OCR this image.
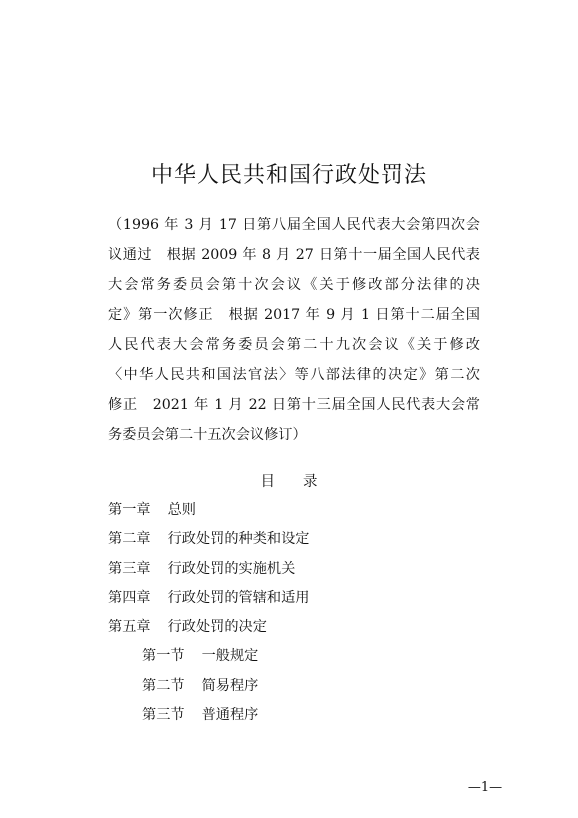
中华人民共和国行政处罚法
（1996 年 3 月 17 日第八届全国人民代表大会第四次会
议通过　根据 2009 年 8 月 27 日第十一届全国人民代表
大会常务委员会第十次会议《关于修改部分法律的决
定》第一次修正　根据 2017 年 9 月 1 日第十二届全国
人民代表大会常务委员会第二十九次会议《关于修改
〈中华人民共和国法官法〉等八部法律的决定》第二次
修正　2021 年 1 月 22 日第十三届全国人民代表大会常
务委员会第二十五次会议修订）
目录
第一章 总则
第二章 行政处罚的种类和设定
第三章 行政处罚的实施机关
第四章 行政处罚的管辖和适用
第五章 行政处罚的决定
第一节 一般规定
第二节 简易程序
第三节 普通程序
—1—
